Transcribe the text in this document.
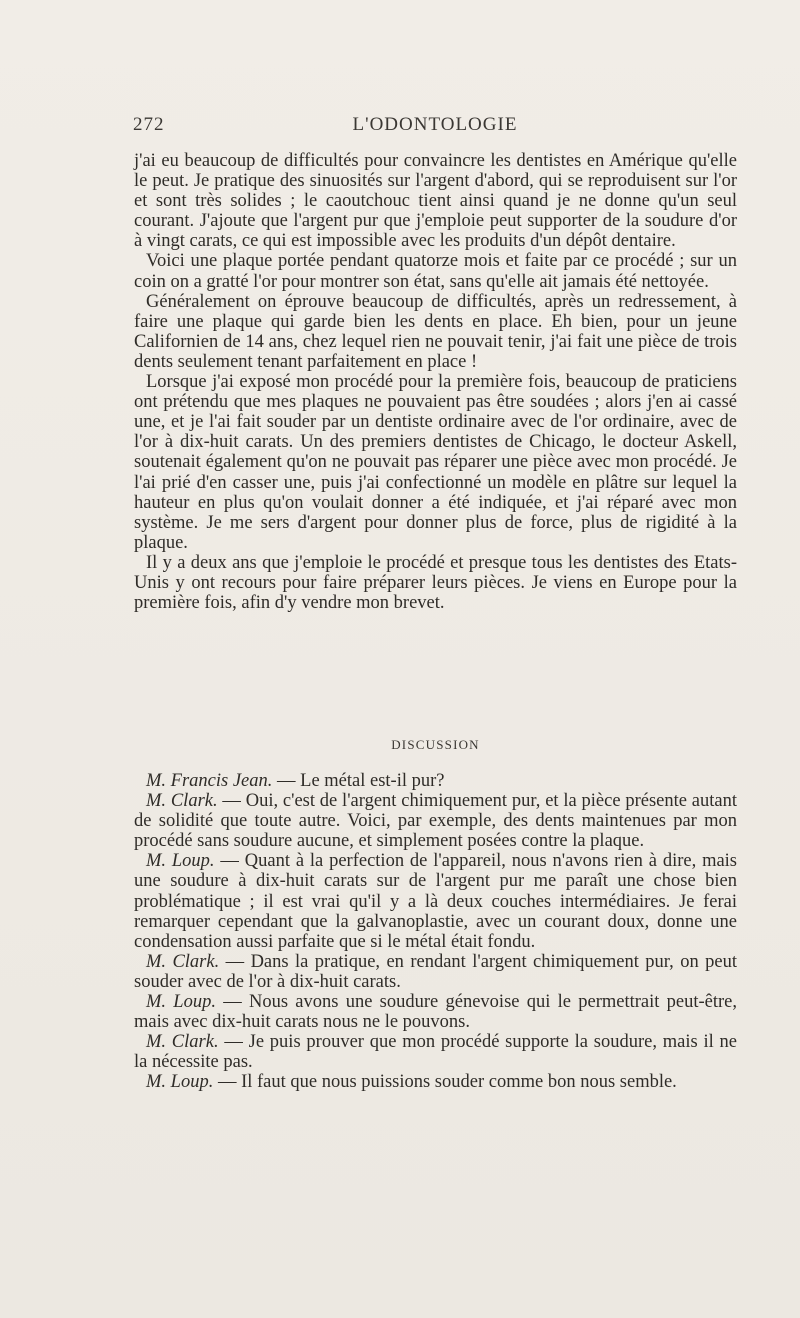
272	L'ODONTOLOGIE

j'ai eu beaucoup de difficultés pour convaincre les dentistes en Amérique qu'elle le peut. Je pratique des sinuosités sur l'argent d'abord, qui se reproduisent sur l'or et sont très solides ; le caoutchouc tient ainsi quand je ne donne qu'un seul courant. J'ajoute que l'argent pur que j'emploie peut supporter de la soudure d'or à vingt carats, ce qui est impossible avec les produits d'un dépôt dentaire.

Voici une plaque portée pendant quatorze mois et faite par ce procédé ; sur un coin on a gratté l'or pour montrer son état, sans qu'elle ait jamais été nettoyée.

Généralement on éprouve beaucoup de difficultés, après un redressement, à faire une plaque qui garde bien les dents en place. Eh bien, pour un jeune Californien de 14 ans, chez lequel rien ne pouvait tenir, j'ai fait une pièce de trois dents seulement tenant parfaitement en place !

Lorsque j'ai exposé mon procédé pour la première fois, beaucoup de praticiens ont prétendu que mes plaques ne pouvaient pas être soudées ; alors j'en ai cassé une, et je l'ai fait souder par un dentiste ordinaire avec de l'or ordinaire, avec de l'or à dix-huit carats. Un des premiers dentistes de Chicago, le docteur Askell, soutenait également qu'on ne pouvait pas réparer une pièce avec mon procédé. Je l'ai prié d'en casser une, puis j'ai confectionné un modèle en plâtre sur lequel la hauteur en plus qu'on voulait donner a été indiquée, et j'ai réparé avec mon système. Je me sers d'argent pour donner plus de force, plus de rigidité à la plaque.

Il y a deux ans que j'emploie le procédé et presque tous les dentistes des Etats-Unis y ont recours pour faire préparer leurs pièces. Je viens en Europe pour la première fois, afin d'y vendre mon brevet.

DISCUSSION

M. Francis Jean. — Le métal est-il pur?

M. Clark. — Oui, c'est de l'argent chimiquement pur, et la pièce présente autant de solidité que toute autre. Voici, par exemple, des dents maintenues par mon procédé sans soudure aucune, et simplement posées contre la plaque.

M. Loup. — Quant à la perfection de l'appareil, nous n'avons rien à dire, mais une soudure à dix-huit carats sur de l'argent pur me paraît une chose bien problématique ; il est vrai qu'il y a là deux couches intermédiaires. Je ferai remarquer cependant que la galvanoplastie, avec un courant doux, donne une condensation aussi parfaite que si le métal était fondu.

M. Clark. — Dans la pratique, en rendant l'argent chimiquement pur, on peut souder avec de l'or à dix-huit carats.

M. Loup. — Nous avons une soudure génevoise qui le permettrait peut-être, mais avec dix-huit carats nous ne le pouvons.

M. Clark. — Je puis prouver que mon procédé supporte la soudure, mais il ne la nécessite pas.

M. Loup. — Il faut que nous puissions souder comme bon nous semble.
